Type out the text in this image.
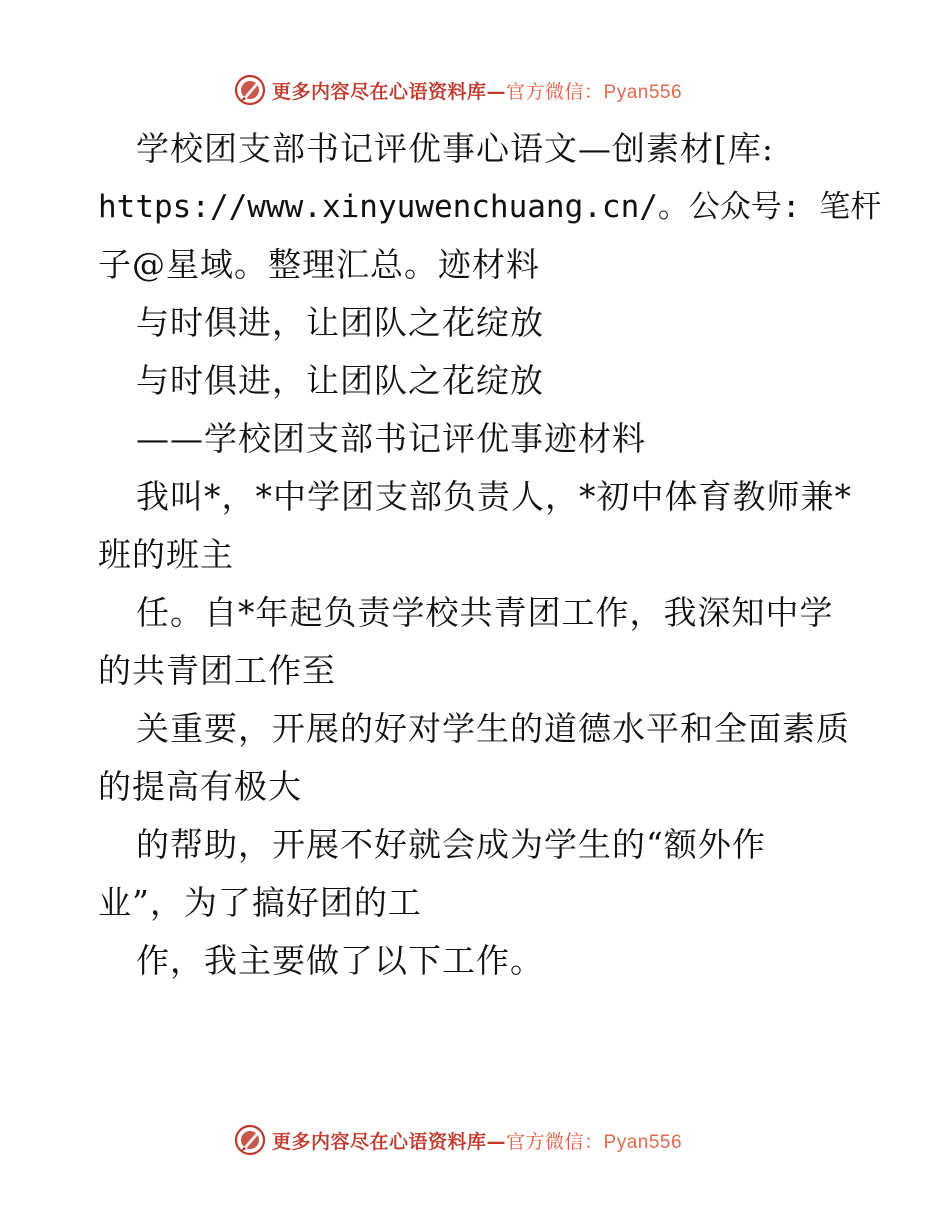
更多内容尽在心语资料库—官方微信：Pyan556
学校团支部书记评优事心语文—创素材[库:
https://www.xinyuwenchuang.cn/。公众号: 笔杆
子@星域。整理汇总。迹材料
与时俱进，让团队之花绽放
与时俱进，让团队之花绽放
——学校团支部书记评优事迹材料
我叫*，*中学团支部负责人，*初中体育教师兼*
班的班主
任。自*年起负责学校共青团工作，我深知中学
的共青团工作至
关重要，开展的好对学生的道德水平和全面素质
的提高有极大
的帮助，开展不好就会成为学生的“额外作
业”，为了搞好团的工
作，我主要做了以下工作。
更多内容尽在心语资料库—官方微信：Pyan556
